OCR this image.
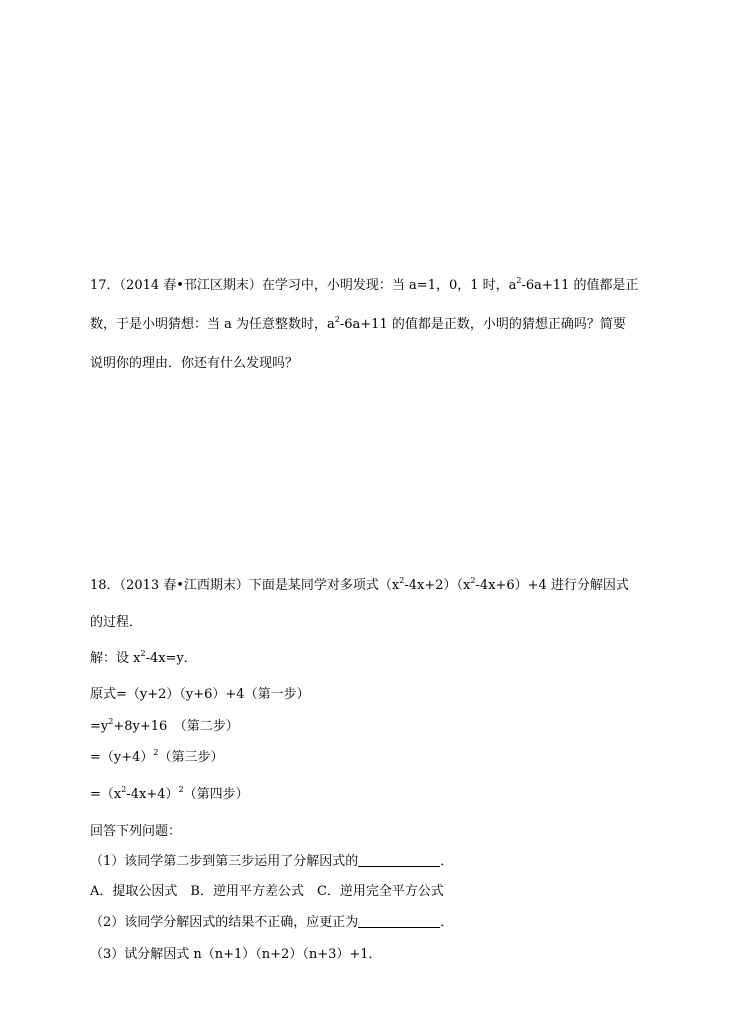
17．（2014 春•邗江区期末）在学习中，小明发现：当 a=1，0，1 时，$a^2-6a+11$ 的值都是正
数，于是小明猜想：当 a 为任意整数时，$a^2-6a+11$ 的值都是正数，小明的猜想正确吗？简要
说明你的理由．你还有什么发现吗？
18．（2013 春•江西期末）下面是某同学对多项式$(x^2-4x+2)(x^2-4x+6)+4$ 进行分解因式
的过程．
解：设 $x^2-4x=y$．
原式=（y+2）（y+6）+4（第一步）
$=y^2+8y+16$　（第二步）
$=(y+4)^2$（第三步）
$=(x^2-4x+4)^2$（第四步）
回答下列问题：
（1）该同学第二步到第三步运用了分解因式的	．
A．提取公因式　B．逆用平方差公式　C．逆用完全平方公式
（2）该同学分解因式的结果不正确，应更正为	．
（3）试分解因式 n（n+1）（n+2）（n+3）+1．
